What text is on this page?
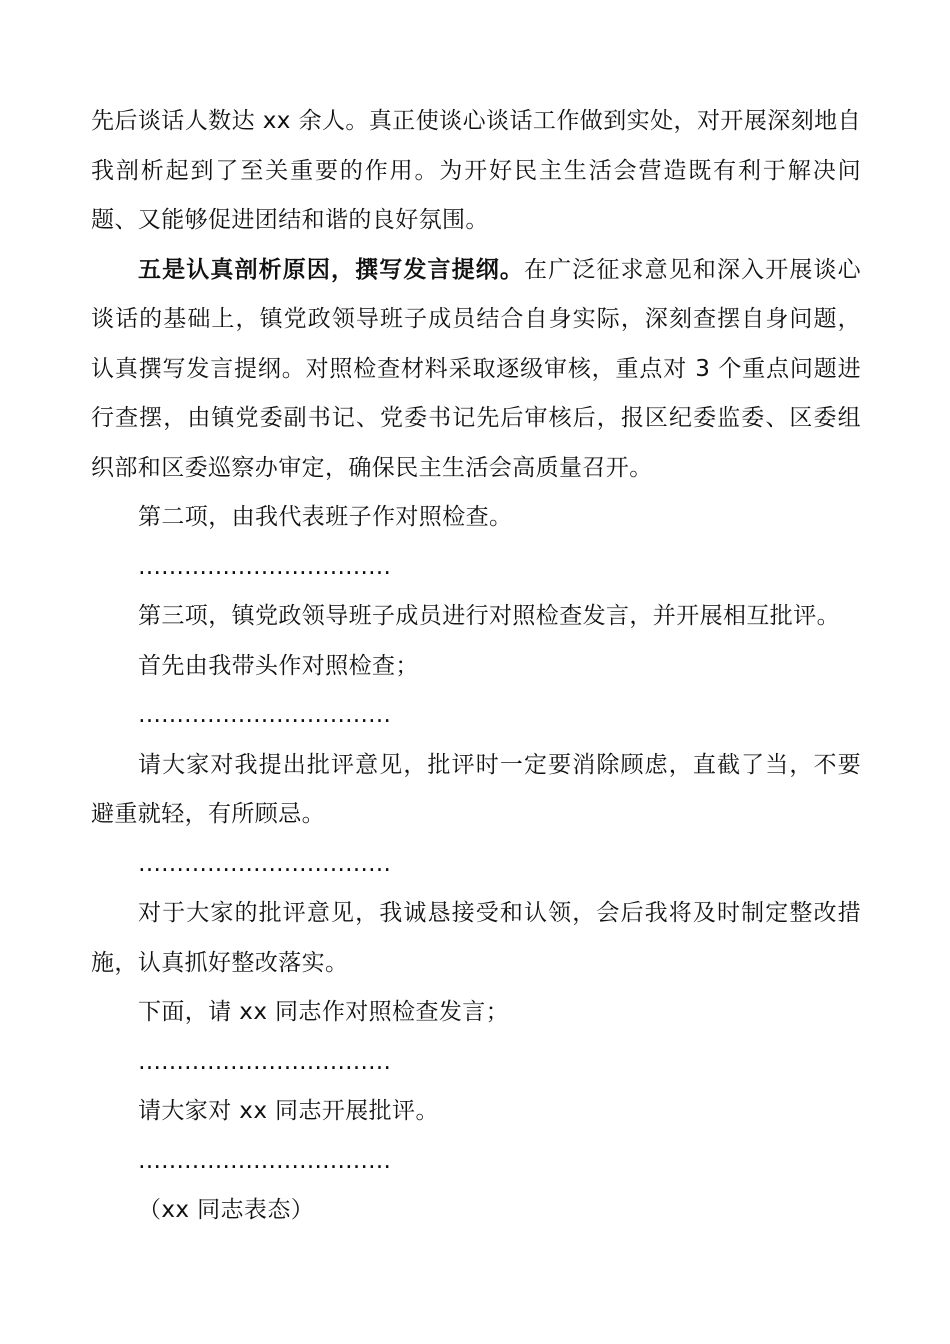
先后谈话人数达 xx 余人。真正使谈心谈话工作做到实处，对开展深刻地自我剖析起到了至关重要的作用。为开好民主生活会营造既有利于解决问题、又能够促进团结和谐的良好氛围。

五是认真剖析原因，撰写发言提纲。在广泛征求意见和深入开展谈心谈话的基础上，镇党政领导班子成员结合自身实际，深刻查摆自身问题，认真撰写发言提纲。对照检查材料采取逐级审核，重点对 3 个重点问题进行查摆，由镇党委副书记、党委书记先后审核后，报区纪委监委、区委组织部和区委巡察办审定，确保民主生活会高质量召开。

第二项，由我代表班子作对照检查。

……………………………

第三项，镇党政领导班子成员进行对照检查发言，并开展相互批评。

首先由我带头作对照检查；

……………………………

请大家对我提出批评意见，批评时一定要消除顾虑，直截了当，不要避重就轻，有所顾忌。

……………………………

对于大家的批评意见，我诚恳接受和认领，会后我将及时制定整改措施，认真抓好整改落实。

下面，请 xx 同志作对照检查发言；

……………………………

请大家对 xx 同志开展批评。

……………………………

（xx 同志表态）
